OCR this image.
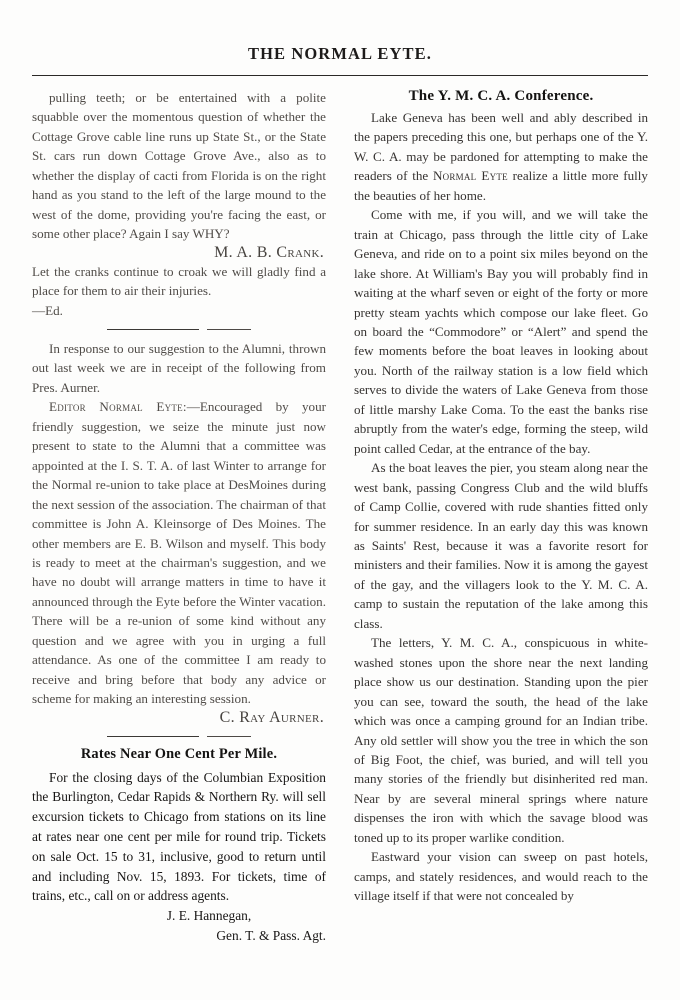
THE NORMAL EYTE.

pulling teeth; or be entertained with a polite squabble over the momentous question of whether the Cottage Grove cable line runs up State St., or the State St. cars run down Cottage Grove Ave., also as to whether the display of cacti from Florida is on the right hand as you stand to the left of the large mound to the west of the dome, providing you're facing the east, or some other place? Again I say WHY?

M. A. B. Crank.

Let the cranks continue to croak we will gladly find a place for them to air their injuries.

—Ed.

In response to our suggestion to the Alumni, thrown out last week we are in receipt of the following from Pres. Aurner.

Editor Normal Eyte:—Encouraged by your friendly suggestion, we seize the minute just now present to state to the Alumni that a committee was appointed at the I. S. T. A. of last Winter to arrange for the Normal re-union to take place at DesMoines during the next session of the association. The chairman of that committee is John A. Kleinsorge of Des Moines. The other members are E. B. Wilson and myself. This body is ready to meet at the chairman's suggestion, and we have no doubt will arrange matters in time to have it announced through the Eyte before the Winter vacation. There will be a re-union of some kind without any question and we agree with you in urging a full attendance. As one of the committee I am ready to receive and bring before that body any advice or scheme for making an interesting session.

C. Ray Aurner.
Rates Near One Cent Per Mile.

For the closing days of the Columbian Exposition the Burlington, Cedar Rapids & Northern Ry. will sell excursion tickets to Chicago from stations on its line at rates near one cent per mile for round trip. Tickets on sale Oct. 15 to 31, inclusive, good to return until and including Nov. 15, 1893. For tickets, time of trains, etc., call on or address agents.

J. E. Hannegan,

Gen. T. & Pass. Agt.

The Y. M. C. A. Conference.

Lake Geneva has been well and ably described in the papers preceding this one, but perhaps one of the Y. W. C. A. may be pardoned for attempting to make the readers of the Normal Eyte realize a little more fully the beauties of her home.

Come with me, if you will, and we will take the train at Chicago, pass through the little city of Lake Geneva, and ride on to a point six miles beyond on the lake shore. At William's Bay you will probably find in waiting at the wharf seven or eight of the forty or more pretty steam yachts which compose our lake fleet. Go on board the “Commodore” or “Alert” and spend the few moments before the boat leaves in looking about you. North of the railway station is a low field which serves to divide the waters of Lake Geneva from those of little marshy Lake Coma. To the east the banks rise abruptly from the water's edge, forming the steep, wild point called Cedar, at the entrance of the bay.

As the boat leaves the pier, you steam along near the west bank, passing Congress Club and the wild bluffs of Camp Collie, covered with rude shanties fitted only for summer residence. In an early day this was known as Saints' Rest, because it was a favorite resort for ministers and their families. Now it is among the gayest of the gay, and the villagers look to the Y. M. C. A. camp to sustain the reputation of the lake among this class.

The letters, Y. M. C. A., conspicuous in white-washed stones upon the shore near the next landing place show us our destination. Standing upon the pier you can see, toward the south, the head of the lake which was once a camping ground for an Indian tribe. Any old settler will show you the tree in which the son of Big Foot, the chief, was buried, and will tell you many stories of the friendly but disinherited red man. Near by are several mineral springs where nature dispenses the iron with which the savage blood was toned up to its proper warlike condition.

Eastward your vision can sweep on past hotels, camps, and stately residences, and would reach to the village itself if that were not concealed by
